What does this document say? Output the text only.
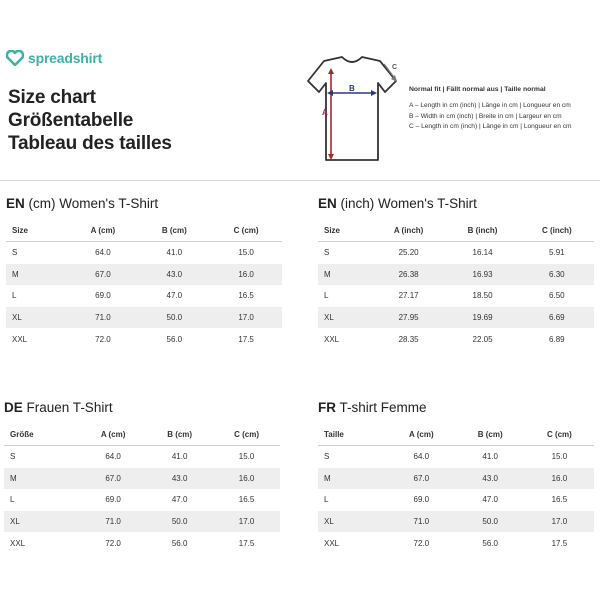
spreadshirt
Size chart
Größentabelle
Tableau des tailles
A
B
C
Normal fit | Fällt normal aus | Taille normal
A – Length in cm (inch) | Länge in cm | Longueur en cm
B – Width in cm (inch) | Breite in cm | Largeur en cm
C – Length in cm (inch) | Länge in cm | Longueur en cm
EN (cm) Women's T-Shirt
Size	A (cm)	B (cm)	C (cm)
S	64.0	41.0	15.0
M	67.0	43.0	16.0
L	69.0	47.0	16.5
XL	71.0	50.0	17.0
XXL	72.0	56.0	17.5
EN (inch) Women's T-Shirt
Size	A (inch)	B (inch)	C (inch)
S	25.20	16.14	5.91
M	26.38	16.93	6.30
L	27.17	18.50	6.50
XL	27.95	19.69	6.69
XXL	28.35	22.05	6.89
DE Frauen T-Shirt
Größe	A (cm)	B (cm)	C (cm)
S	64.0	41.0	15.0
M	67.0	43.0	16.0
L	69.0	47.0	16.5
XL	71.0	50.0	17.0
XXL	72.0	56.0	17.5
FR T-shirt Femme
Taille	A (cm)	B (cm)	C (cm)
S	64.0	41.0	15.0
M	67.0	43.0	16.0
L	69.0	47.0	16.5
XL	71.0	50.0	17.0
XXL	72.0	56.0	17.5
